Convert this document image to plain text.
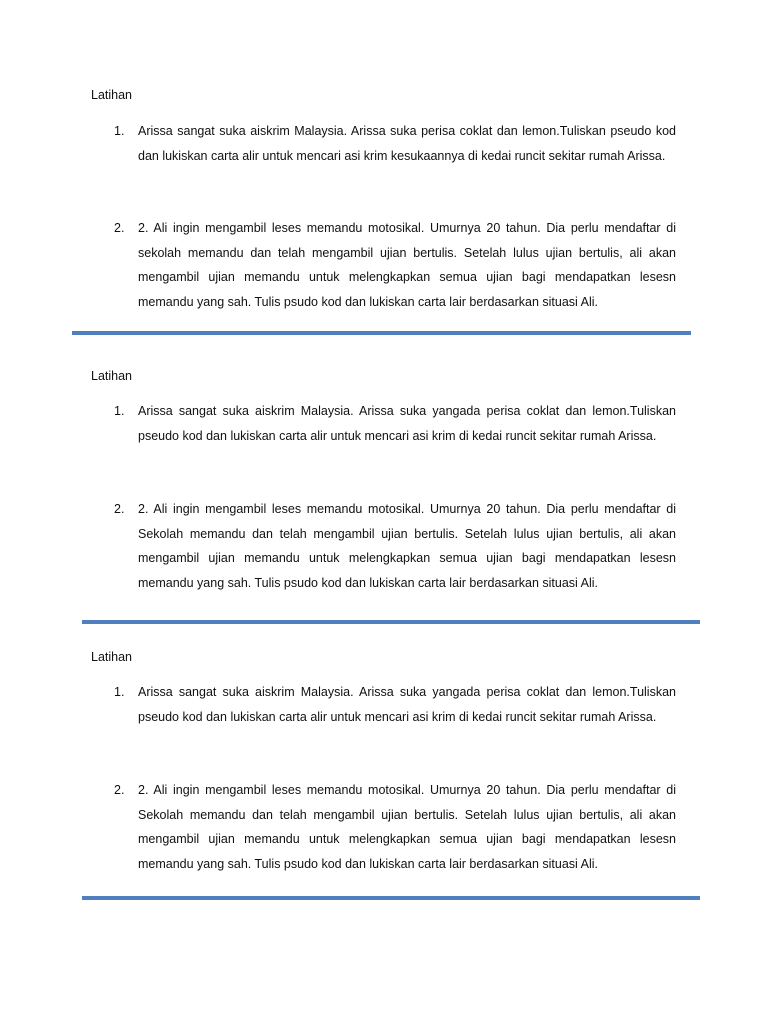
Latihan
1.	Arissa sangat suka aiskrim Malaysia. Arissa suka perisa coklat dan lemon.Tuliskan pseudo kod dan lukiskan carta alir untuk mencari asi krim kesukaannya di kedai runcit sekitar rumah Arissa.

2.	2. Ali ingin mengambil leses memandu motosikal. Umurnya 20 tahun. Dia perlu mendaftar di sekolah memandu dan telah mengambil ujian bertulis. Setelah lulus ujian bertulis, ali akan mengambil ujian memandu untuk melengkapkan semua ujian bagi mendapatkan lesesn memandu yang sah. Tulis psudo kod dan lukiskan carta lair berdasarkan situasi Ali.

Latihan
1.	Arissa sangat suka aiskrim Malaysia. Arissa suka yangada perisa coklat dan lemon.Tuliskan pseudo kod dan lukiskan carta alir untuk mencari asi krim di kedai runcit sekitar rumah Arissa.

2.	2. Ali ingin mengambil leses memandu motosikal. Umurnya 20 tahun. Dia perlu mendaftar di Sekolah memandu dan telah mengambil ujian bertulis. Setelah lulus ujian bertulis, ali akan mengambil ujian memandu untuk melengkapkan semua ujian bagi mendapatkan lesesn memandu yang sah. Tulis psudo kod dan lukiskan carta lair berdasarkan situasi Ali.

Latihan
1.	Arissa sangat suka aiskrim Malaysia. Arissa suka yangada perisa coklat dan lemon.Tuliskan pseudo kod dan lukiskan carta alir untuk mencari asi krim di kedai runcit sekitar rumah Arissa.

2.	2. Ali ingin mengambil leses memandu motosikal. Umurnya 20 tahun. Dia perlu mendaftar di Sekolah memandu dan telah mengambil ujian bertulis. Setelah lulus ujian bertulis, ali akan mengambil ujian memandu untuk melengkapkan semua ujian bagi mendapatkan lesesn memandu yang sah. Tulis psudo kod dan lukiskan carta lair berdasarkan situasi Ali.
